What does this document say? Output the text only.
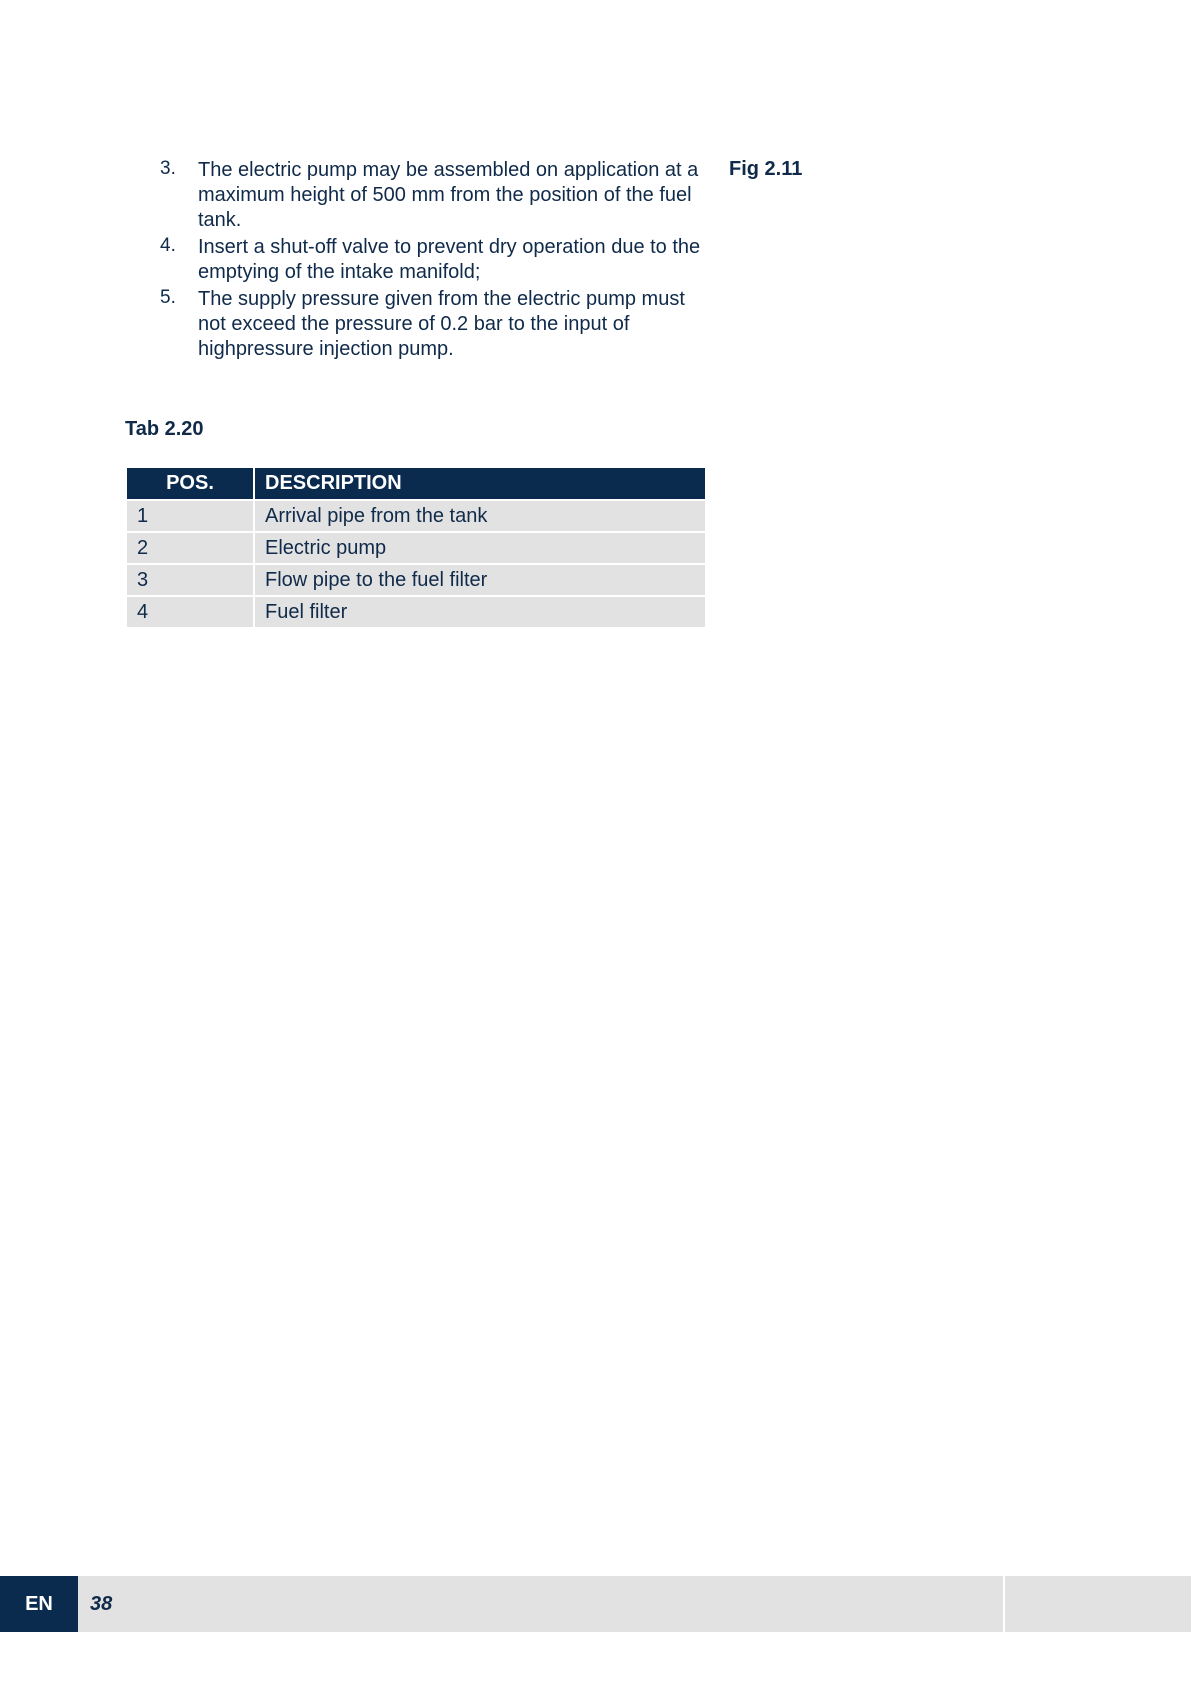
3.	The electric pump may be assembled on application at a maximum height of 500 mm from the position of the fuel tank.
4.	Insert a shut-off valve to prevent dry operation due to the emptying of the intake manifold;
5.	The supply pressure given from the electric pump must not exceed the pressure of 0.2 bar to the input of highpressure injection pump.

Fig 2.11

Tab 2.20

POS.	DESCRIPTION
1	Arrival pipe from the tank
2	Electric pump
3	Flow pipe to the fuel filter
4	Fuel filter
EN	38
